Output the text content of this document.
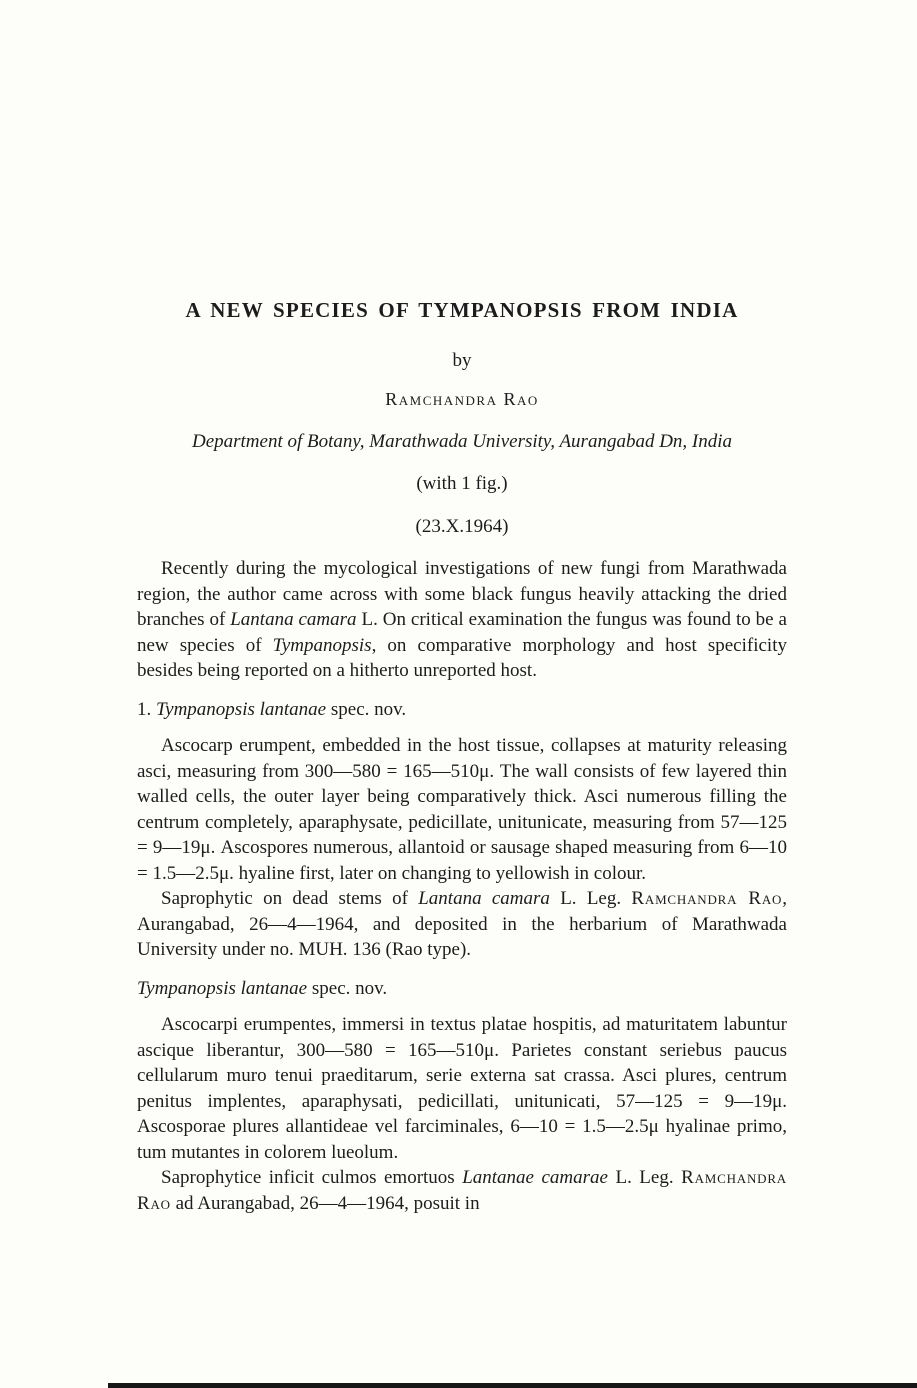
A NEW SPECIES OF TYMPANOPSIS FROM INDIA
by
Ramchandra Rao
Department of Botany, Marathwada University, Aurangabad Dn, India
(with 1 fig.)
(23.X.1964)

Recently during the mycological investigations of new fungi from Marathwada region, the author came across with some black fungus heavily attacking the dried branches of Lantana camara L. On critical examination the fungus was found to be a new species of Tympanopsis, on comparative morphology and host specificity besides being reported on a hitherto unreported host.

1. Tympanopsis lantanae spec. nov.

Ascocarp erumpent, embedded in the host tissue, collapses at maturity releasing asci, measuring from 300—580 = 165—510μ. The wall consists of few layered thin walled cells, the outer layer being comparatively thick. Asci numerous filling the centrum completely, aparaphysate, pedicillate, unitunicate, measuring from 57—125 = 9—19μ. Ascospores numerous, allantoid or sausage shaped measuring from 6—10 = 1.5—2.5μ. hyaline first, later on changing to yellowish in colour.

Saprophytic on dead stems of Lantana camara L. Leg. Ramchandra Rao, Aurangabad, 26—4—1964, and deposited in the herbarium of Marathwada University under no. MUH. 136 (Rao type).

Tympanopsis lantanae spec. nov.

Ascocarpi erumpentes, immersi in textus platae hospitis, ad maturitatem labuntur ascique liberantur, 300—580 = 165—510μ. Parietes constant seriebus paucus cellularum muro tenui praeditarum, serie externa sat crassa. Asci plures, centrum penitus implentes, aparaphysati, pedicillati, unitunicati, 57—125 = 9—19μ. Ascosporae plures allantideae vel farciminales, 6—10 = 1.5—2.5μ hyalinae primo, tum mutantes in colorem lueolum.

Saprophytice inficit culmos emortuos Lantanae camarae L. Leg. Ramchandra Rao ad Aurangabad, 26—4—1964, posuit in
